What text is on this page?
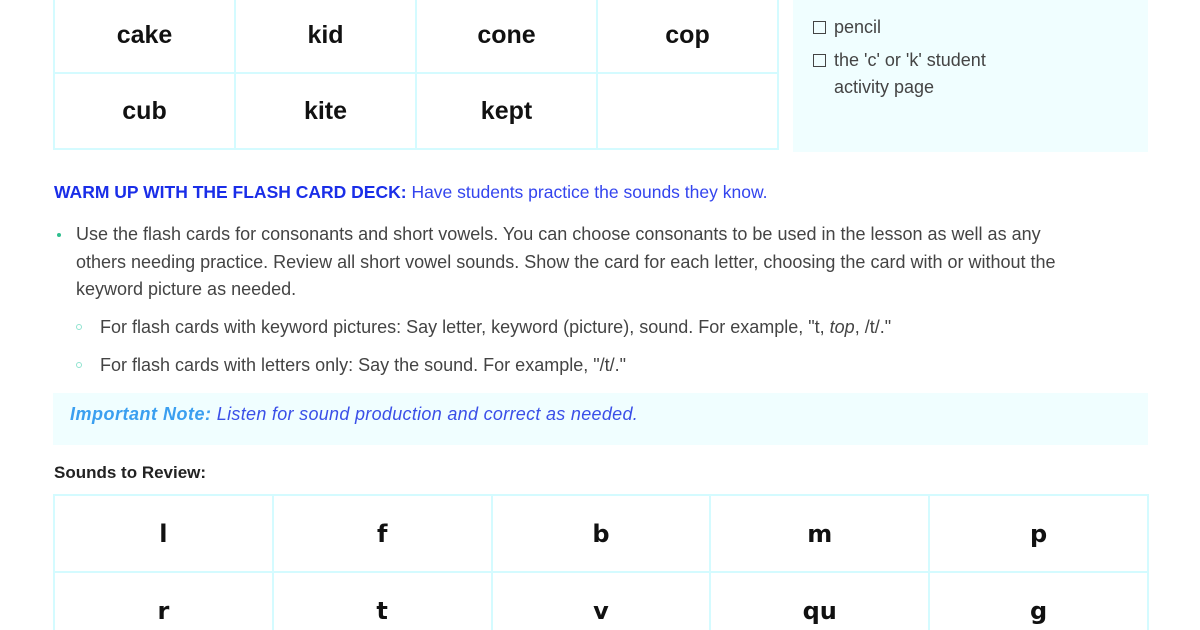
cake	kid	cone	cop
cub	kite	kept	
pencil
the 'c' or 'k' student activity page
WARM UP WITH THE FLASH CARD DECK: Have students practice the sounds they know.
Use the flash cards for consonants and short vowels. You can choose consonants to be used in the lesson as well as any others needing practice. Review all short vowel sounds. Show the card for each letter, choosing the card with or without the keyword picture as needed.
For flash cards with keyword pictures: Say letter, keyword (picture), sound. For example, "t, top, /t/."
For flash cards with letters only: Say the sound. For example, "/t/."
Important Note: Listen for sound production and correct as needed.
Sounds to Review:
l	f	b	m	p
r	t	v	qu	g
